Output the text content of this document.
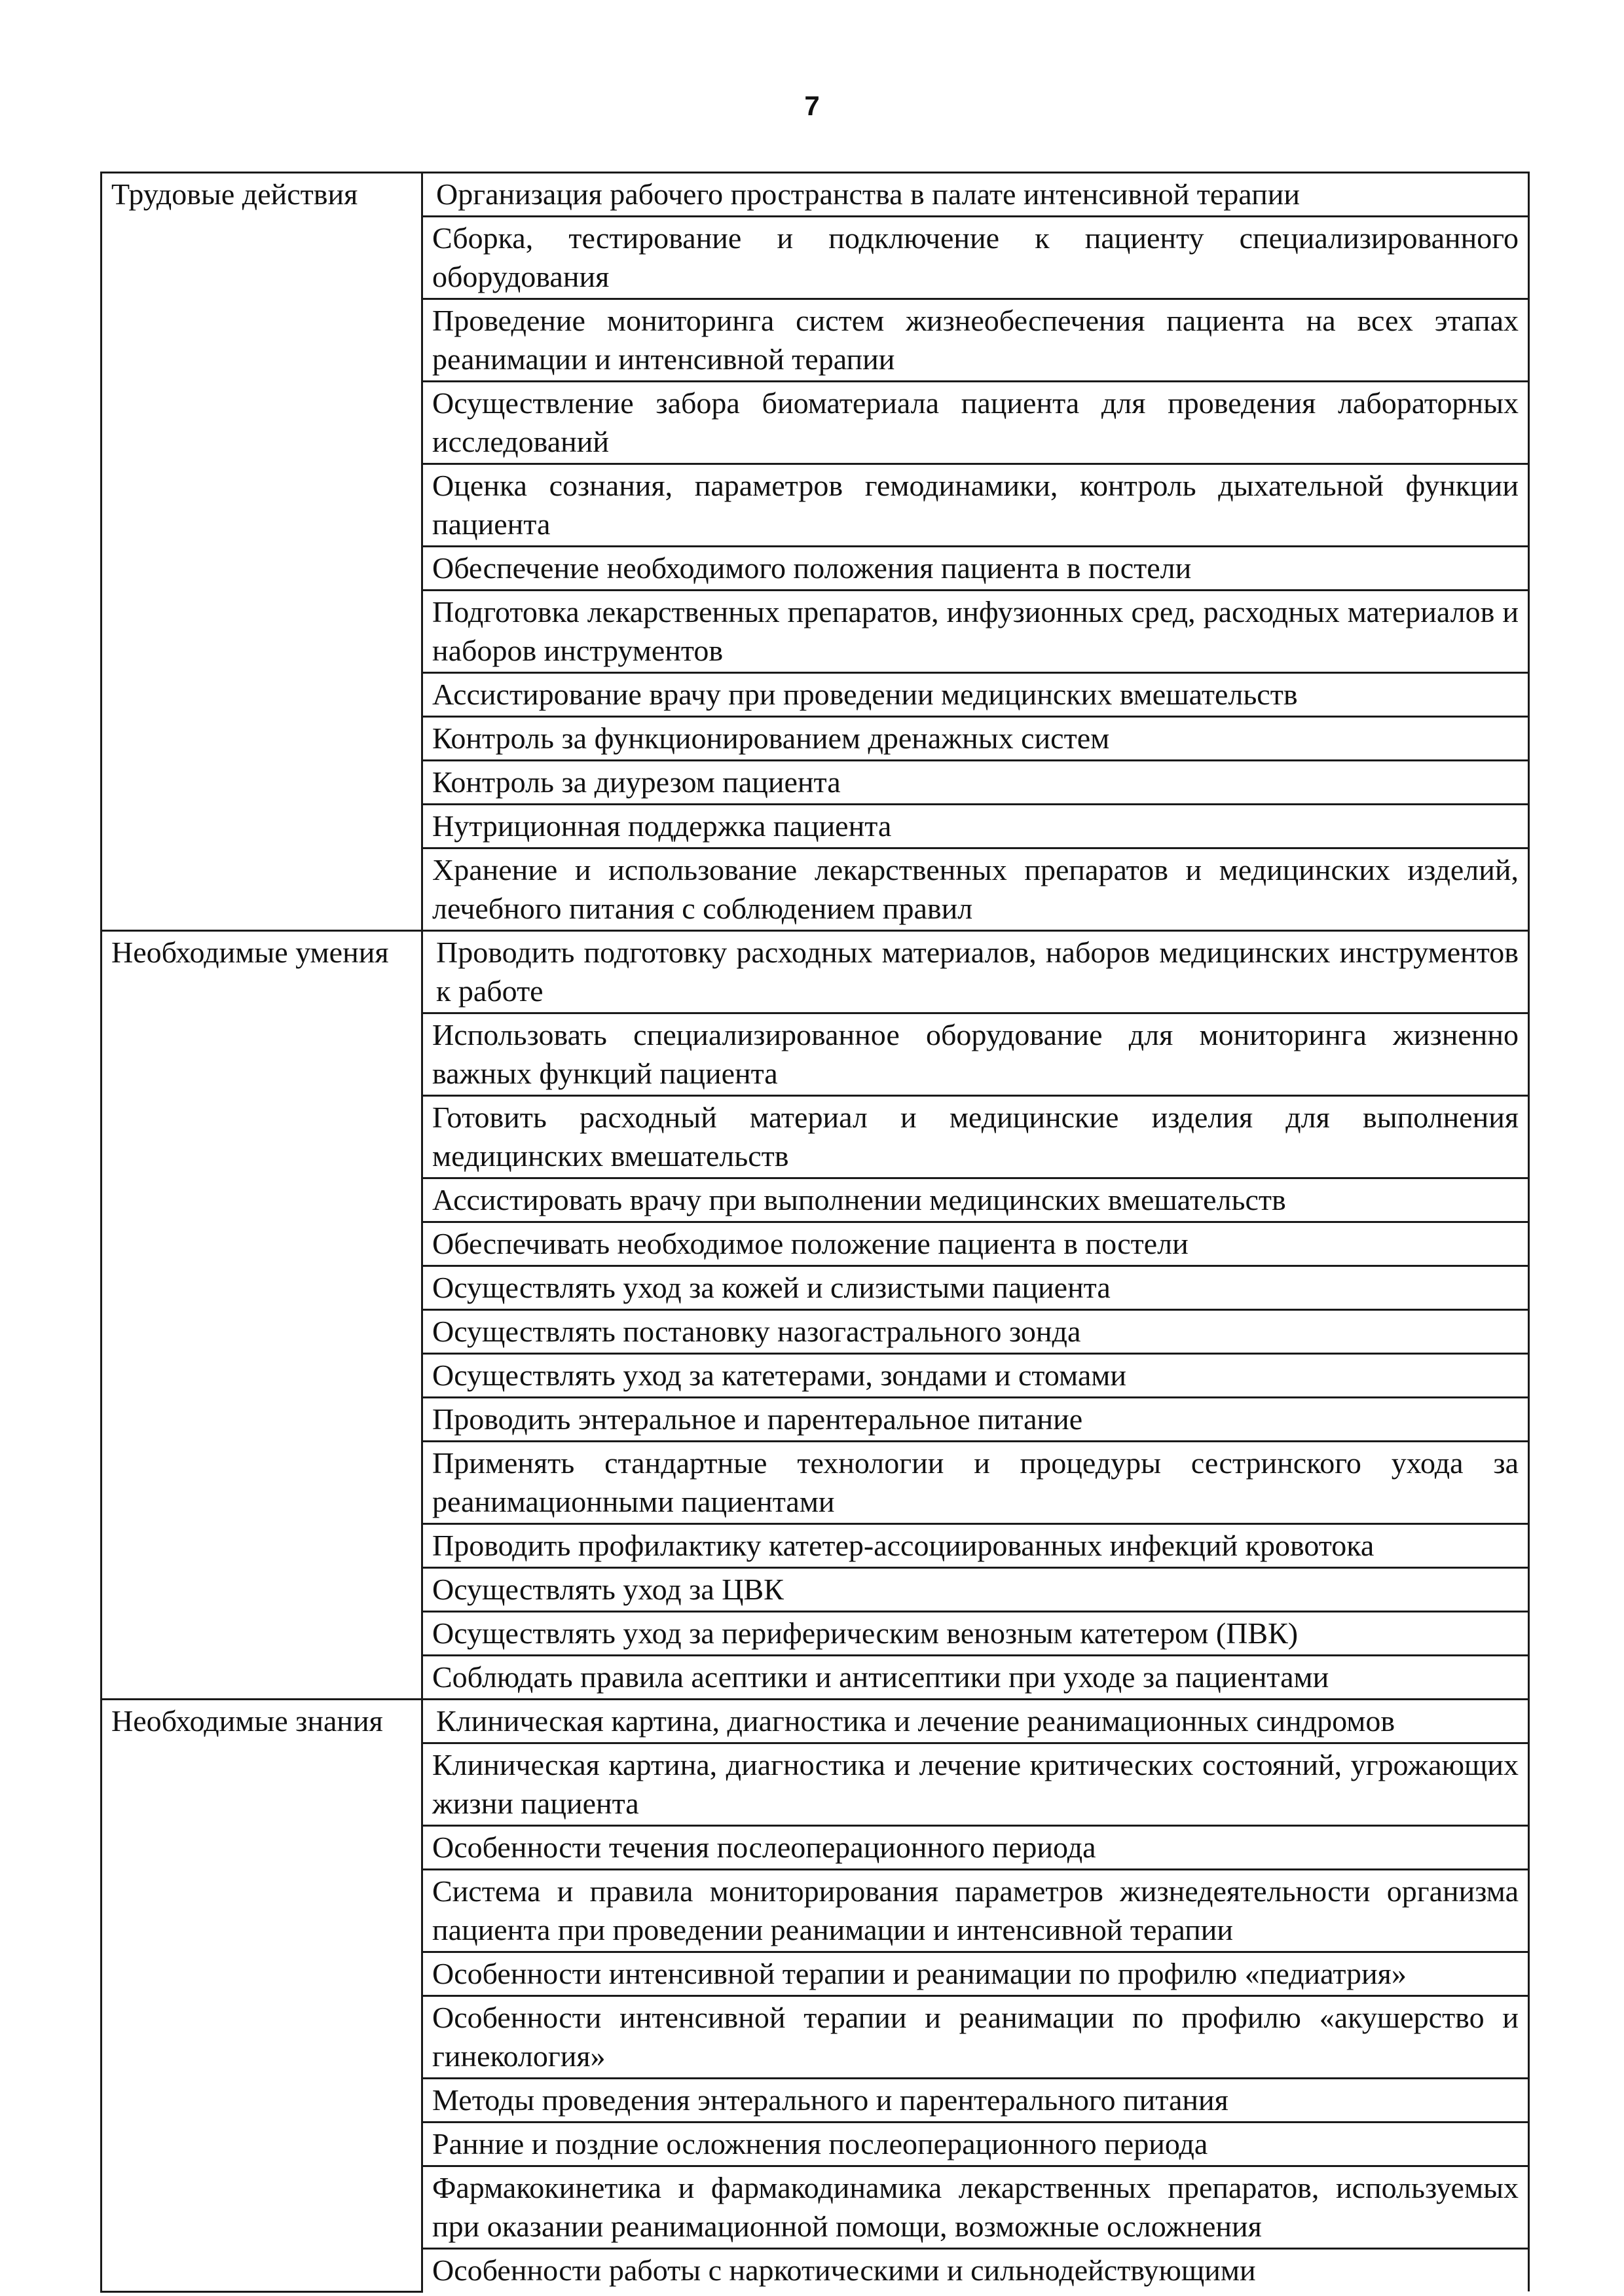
7
Трудовые действия	Организация рабочего пространства в палате интенсивной терапии
	Сборка, тестирование и подключение к пациенту специализированного оборудования
	Проведение мониторинга систем жизнеобеспечения пациента на всех этапах реанимации и интенсивной терапии
	Осуществление забора биоматериала пациента для проведения лабораторных исследований
	Оценка сознания, параметров гемодинамики, контроль дыхательной функции пациента
	Обеспечение необходимого положения пациента в постели
	Подготовка лекарственных препаратов, инфузионных сред, расходных материалов и наборов инструментов
	Ассистирование врачу при проведении медицинских вмешательств
	Контроль за функционированием дренажных систем
	Контроль за диурезом пациента
	Нутриционная поддержка пациента
	Хранение и использование лекарственных препаратов и медицинских изделий, лечебного питания с соблюдением правил
Необходимые умения	Проводить подготовку расходных материалов, наборов медицинских инструментов к работе
	Использовать специализированное оборудование для мониторинга жизненно важных функций пациента
	Готовить расходный материал и медицинские изделия для выполнения медицинских вмешательств
	Ассистировать врачу при выполнении медицинских вмешательств
	Обеспечивать необходимое положение пациента в постели
	Осуществлять уход за кожей и слизистыми пациента
	Осуществлять постановку назогастрального зонда
	Осуществлять уход за катетерами, зондами и стомами
	Проводить энтеральное и парентеральное питание
	Применять стандартные технологии и процедуры сестринского ухода за реанимационными пациентами
	Проводить профилактику катетер-ассоциированных инфекций кровотока
	Осуществлять уход за ЦВК
	Осуществлять уход за периферическим венозным катетером (ПВК)
	Соблюдать правила асептики и антисептики при уходе за пациентами
Необходимые знания	Клиническая картина, диагностика и лечение реанимационных синдромов
	Клиническая картина, диагностика и лечение критических состояний, угрожающих жизни пациента
	Особенности течения послеоперационного периода
	Система и правила мониторирования параметров жизнедеятельности организма пациента при проведении реанимации и интенсивной терапии
	Особенности интенсивной терапии и реанимации по профилю «педиатрия»
	Особенности интенсивной терапии и реанимации по профилю «акушерство и гинекология»
	Методы проведения энтерального и парентерального питания
	Ранние и поздние осложнения послеоперационного периода
	Фармакокинетика и фармакодинамика лекарственных препаратов, используемых при оказании реанимационной помощи, возможные осложнения
	Особенности работы с наркотическими и сильнодействующими
